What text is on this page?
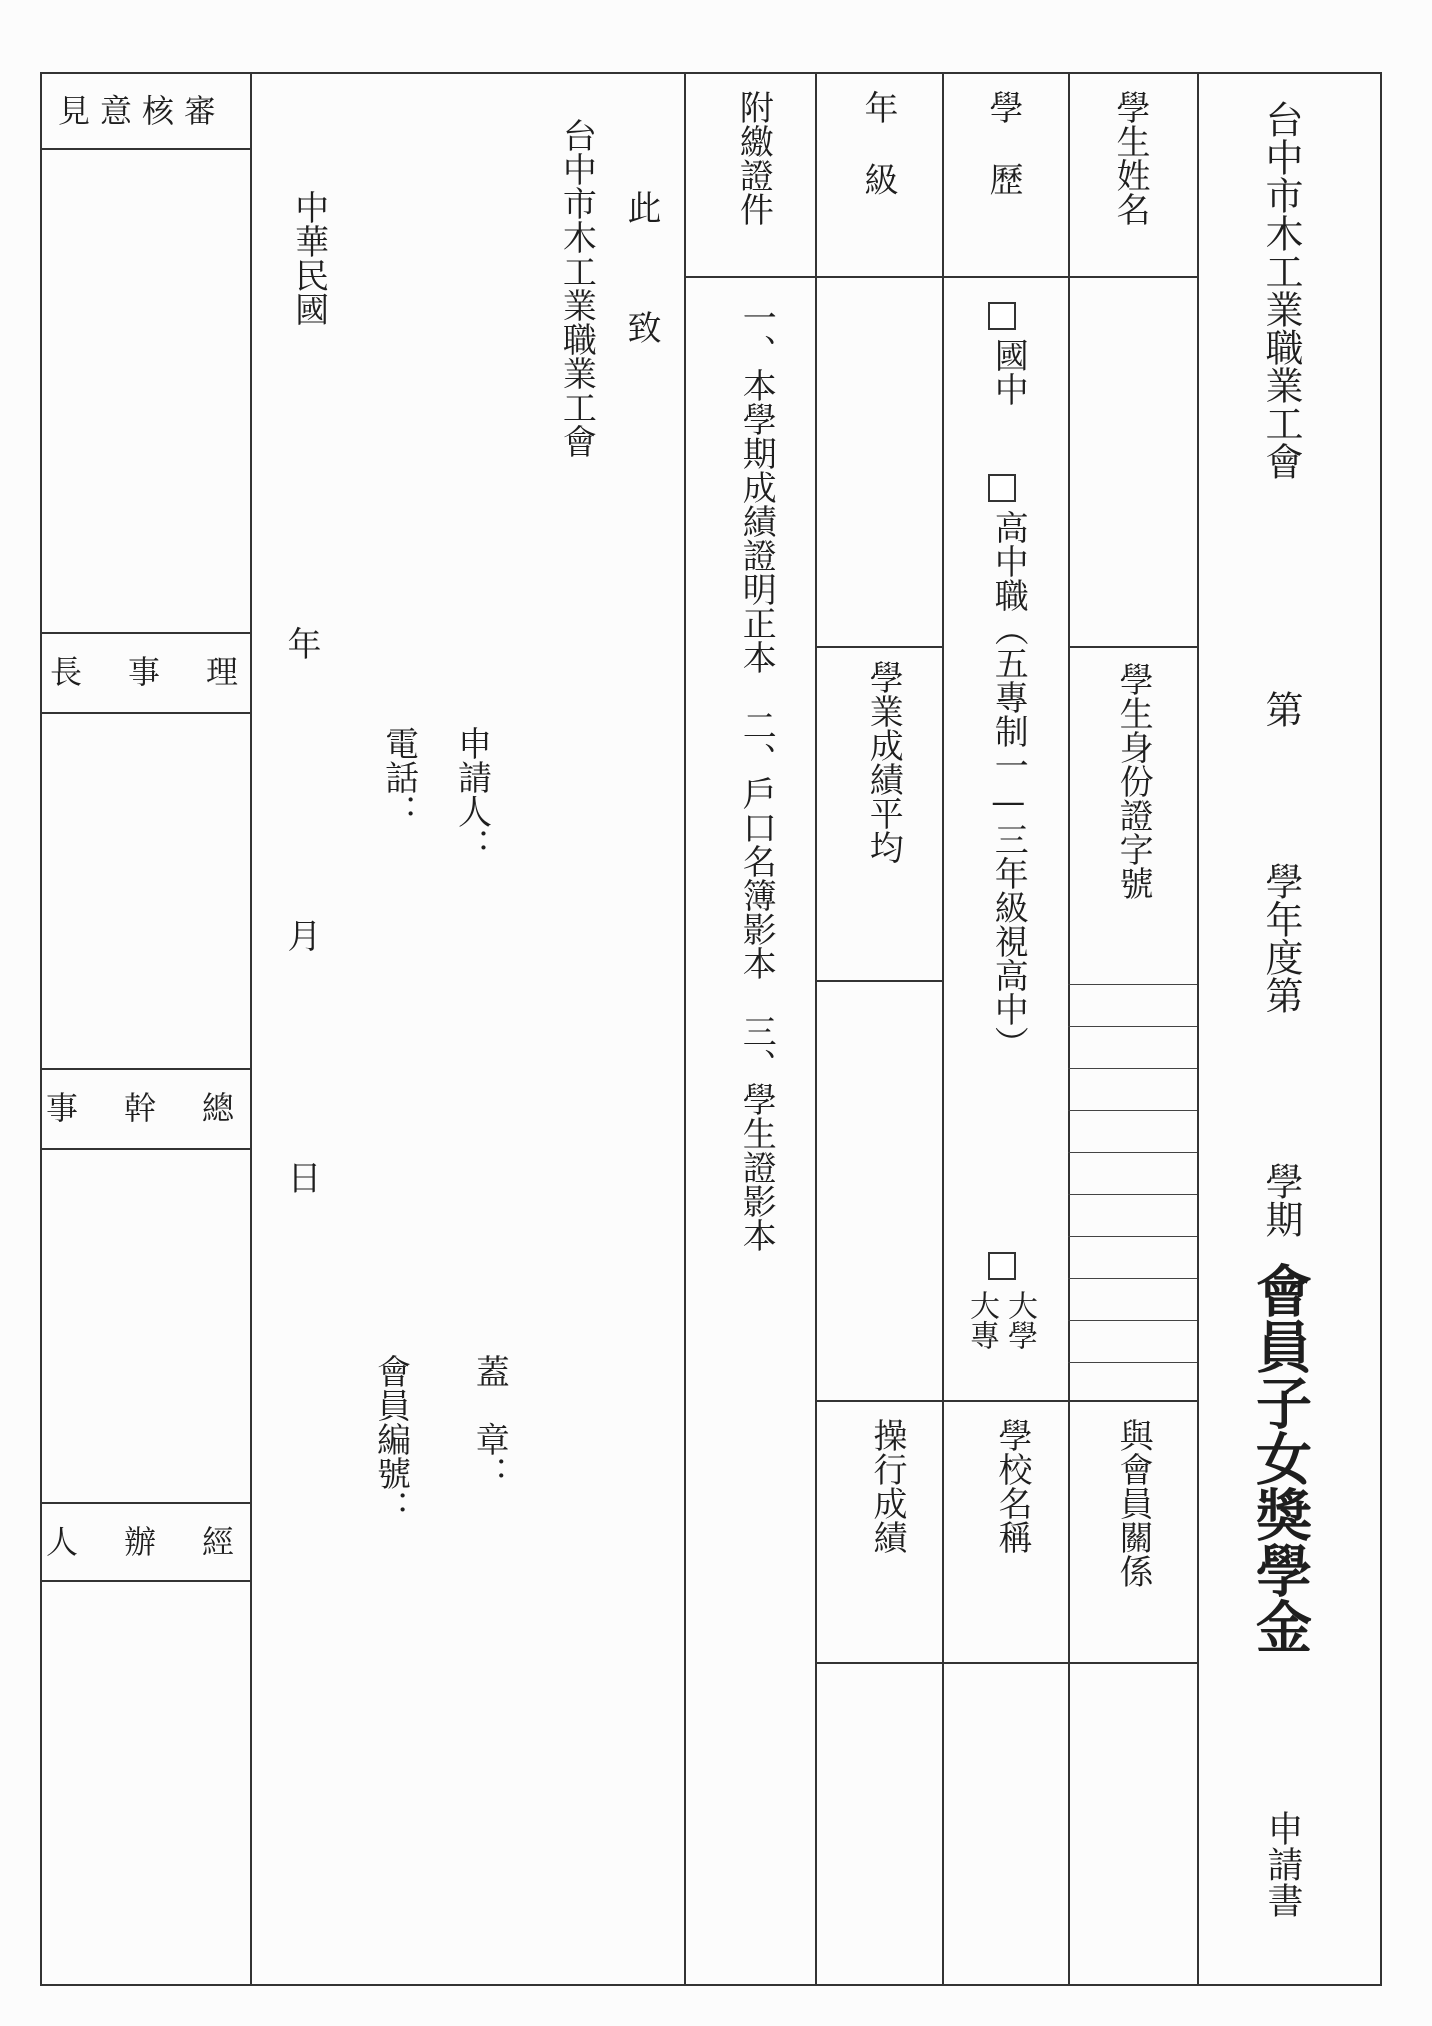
台中市木工業職業工會
第
學年度第
學期
會員子女獎學金
申請書
學生姓名
學生身份證字號
與會員關係
學歷
國中
高中職（五專制一—三年級視高中）
大學
大專
學校名稱
年級
學業成績平均
操行成績
附繳證件
一、本學期成績證明正本　二、戶口名簿影本　三、學生證影本
此
致
台中市木工業職業工會
申請人：
蓋　章：
電話：
會員編號：
中華民國
年
月
日
見意核審
長事理
事幹總
人辦經
